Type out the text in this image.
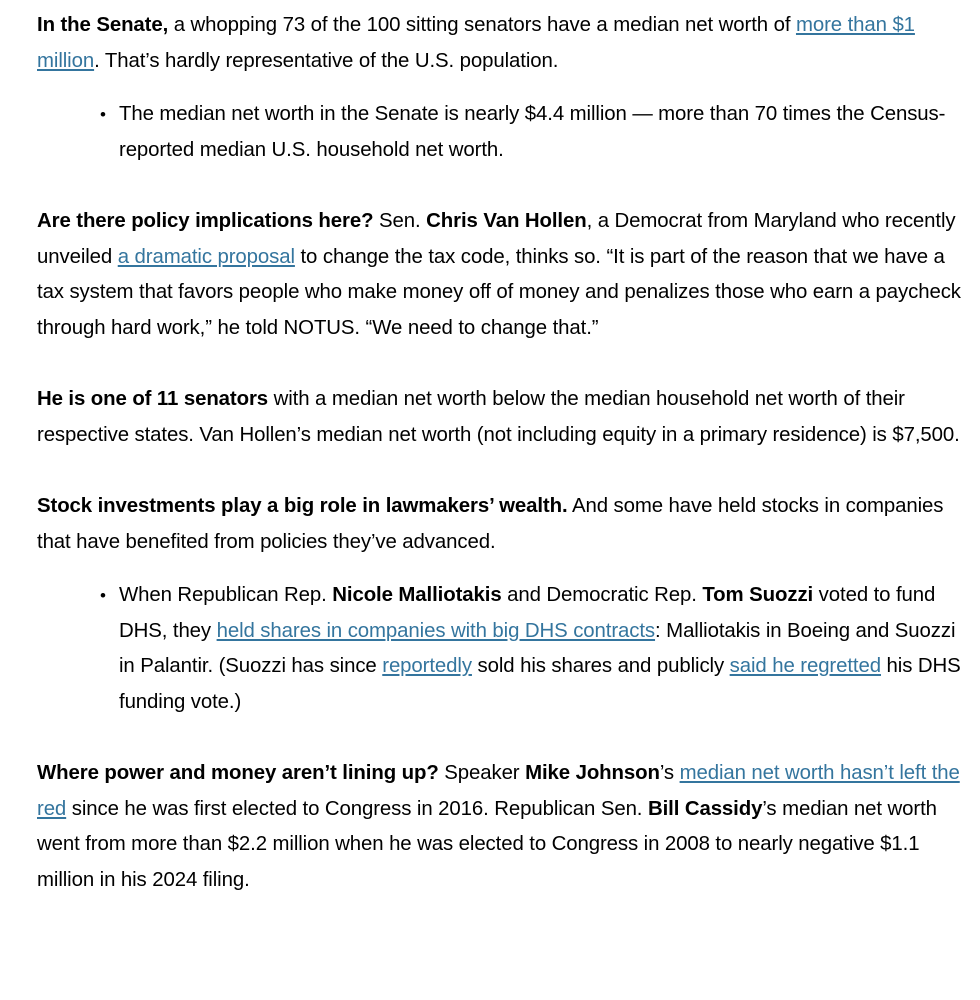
In the Senate, a whopping 73 of the 100 sitting senators have a median net worth of more than $1 million. That’s hardly representative of the U.S. population.

• The median net worth in the Senate is nearly $4.4 million — more than 70 times the Census-reported median U.S. household net worth.

Are there policy implications here? Sen. Chris Van Hollen, a Democrat from Maryland who recently unveiled a dramatic proposal to change the tax code, thinks so. “It is part of the reason that we have a tax system that favors people who make money off of money and penalizes those who earn a paycheck through hard work,” he told NOTUS. “We need to change that.”

He is one of 11 senators with a median net worth below the median household net worth of their respective states. Van Hollen’s median net worth (not including equity in a primary residence) is $7,500.

Stock investments play a big role in lawmakers’ wealth. And some have held stocks in companies that have benefited from policies they’ve advanced.

• When Republican Rep. Nicole Malliotakis and Democratic Rep. Tom Suozzi voted to fund DHS, they held shares in companies with big DHS contracts: Malliotakis in Boeing and Suozzi in Palantir. (Suozzi has since reportedly sold his shares and publicly said he regretted his DHS funding vote.)

Where power and money aren’t lining up? Speaker Mike Johnson’s median net worth hasn’t left the red since he was first elected to Congress in 2016. Republican Sen. Bill Cassidy’s median net worth went from more than $2.2 million when he was elected to Congress in 2008 to nearly negative $1.1 million in his 2024 filing.
